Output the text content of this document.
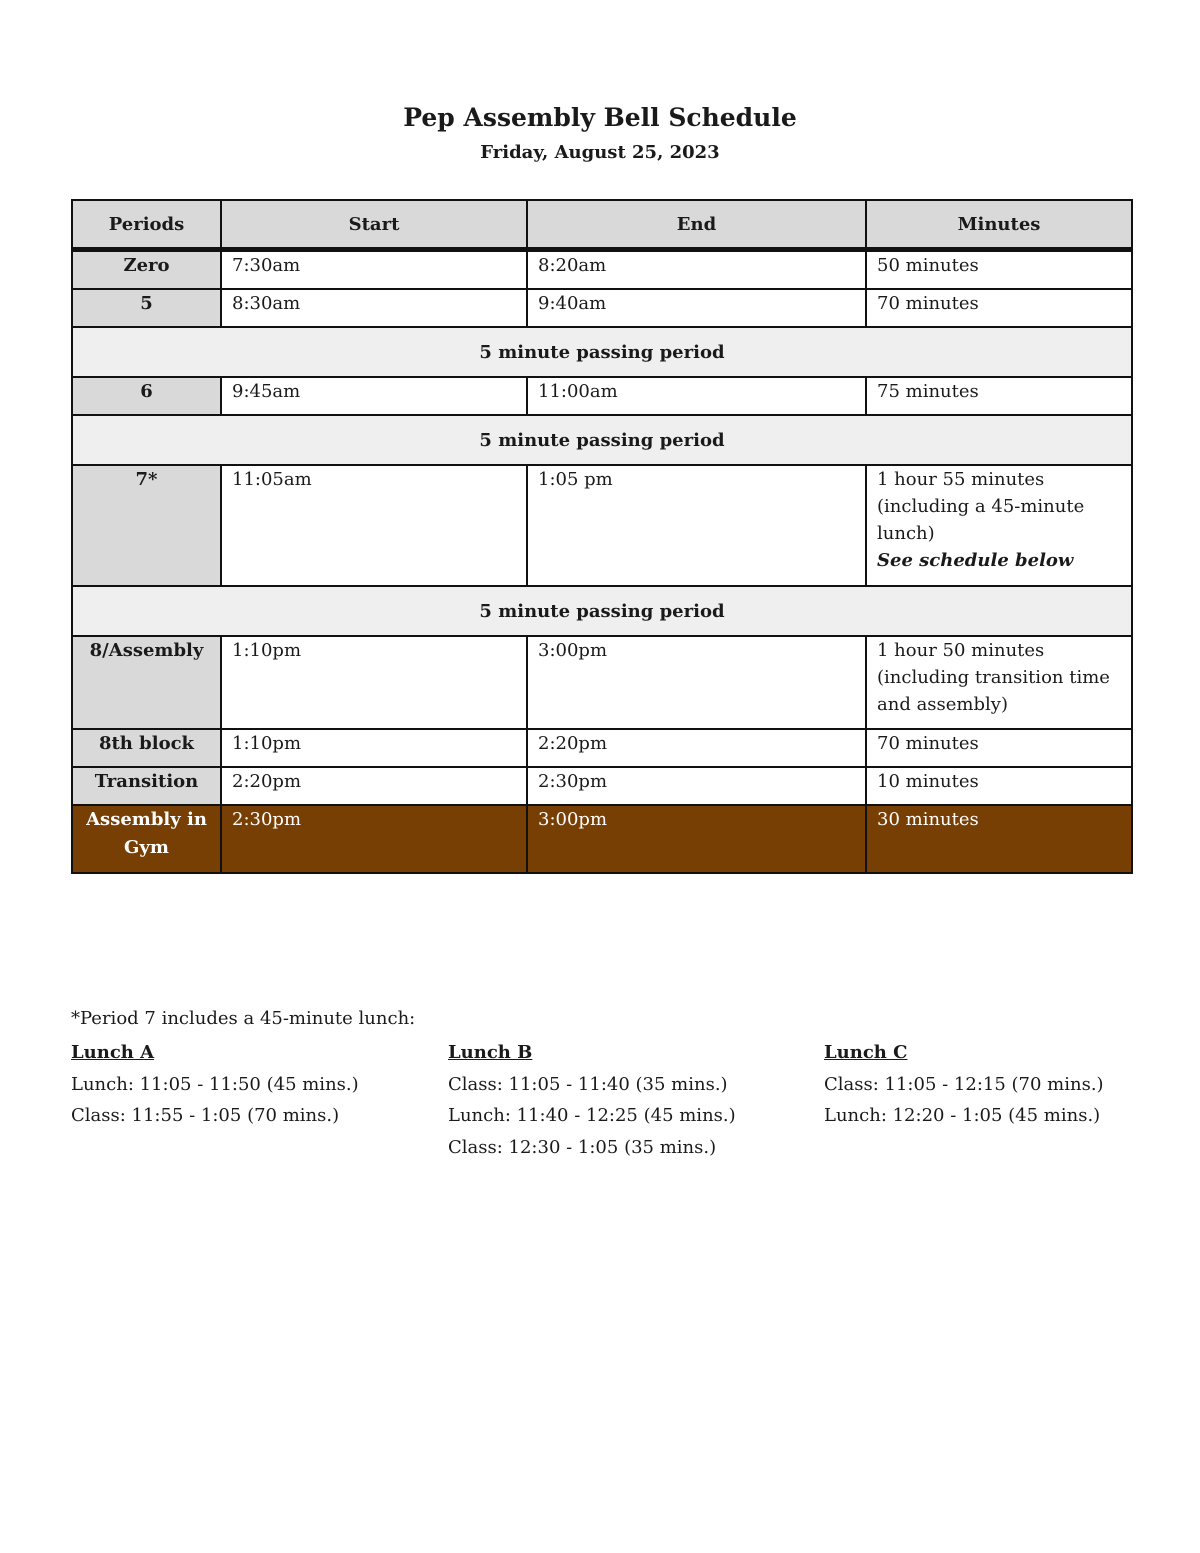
Pep Assembly Bell Schedule
Friday, August 25, 2023
Periods	Start	End	Minutes
Zero	7:30am	8:20am	50 minutes
5	8:30am	9:40am	70 minutes
5 minute passing period			
6	9:45am	11:00am	75 minutes
5 minute passing period			
7*	11:05am	1:05 pm	1 hour 55 minutes (including a 45-minute lunch)
See schedule below
5 minute passing period			
8/Assembly	1:10pm	3:00pm	1 hour 50 minutes (including transition time and assembly)
8th block	1:10pm	2:20pm	70 minutes
Transition	2:20pm	2:30pm	10 minutes
Assembly in Gym	2:30pm	3:00pm	30 minutes
*Period 7 includes a 45-minute lunch:
Lunch A
Lunch: 11:05 - 11:50 (45 mins.)
Class: 11:55 - 1:05 (70 mins.)
Lunch B
Class: 11:05 - 11:40 (35 mins.)
Lunch: 11:40 - 12:25 (45 mins.)
Class: 12:30 - 1:05 (35 mins.)
Lunch C
Class: 11:05 - 12:15 (70 mins.)
Lunch: 12:20 - 1:05 (45 mins.)
